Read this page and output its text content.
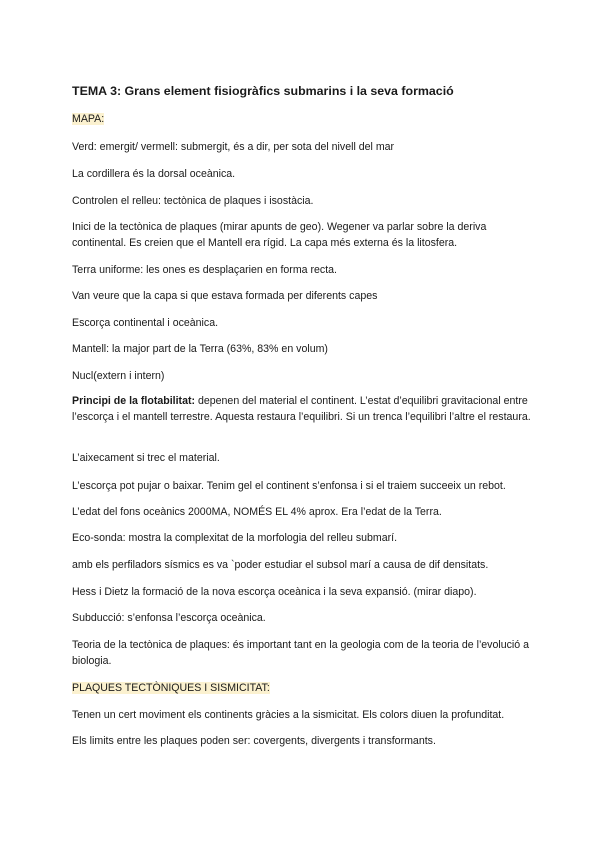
TEMA 3: Grans element fisiogràfics submarins i la seva formació
MAPA:
Verd: emergit/ vermell: submergit, és a dir, per sota del nivell del mar
La cordillera és la dorsal oceànica.
Controlen el relleu: tectònica de plaques i isostàcia.
Inici de la tectònica de plaques (mirar apunts de geo). Wegener va parlar sobre la deriva continental. Es creien que el Mantell era rígid. La capa més externa és la litosfera.
Terra uniforme: les ones es desplaçarien en forma recta.
Van veure que la capa si que estava formada per diferents capes
Escorça continental i oceànica.
Mantell: la major part de la Terra (63%, 83% en volum)
Nucl(extern i intern)
Principi de la flotabilitat: depenen del material el continent. L’estat d’equilibri gravitacional entre l’escorça i el mantell terrestre. Aquesta restaura l’equilibri. Si un trenca l’equilibri l’altre el restaura.
L’aixecament si trec el material.
L’escorça pot pujar o baixar. Tenim gel el continent s’enfonsa i si el traiem succeeix un rebot.
L’edat del fons oceànics 2000MA, NOMÉS EL 4% aprox. Era l’edat de la Terra.
Eco-sonda: mostra la complexitat de la morfologia del relleu submarí.
amb els perfiladors sísmics es va `poder estudiar el subsol marí a causa de dif densitats.
Hess i Dietz la formació de la nova escorça oceànica i la seva expansió. (mirar diapo).
Subducció: s’enfonsa l’escorça oceànica.
Teoria de la tectònica de plaques: és important tant en la geologia com de la teoria de l’evolució a biologia.
PLAQUES TECTÒNIQUES I SISMICITAT:
Tenen un cert moviment els continents gràcies a la sismicitat. Els colors diuen la profunditat.
Els limits entre les plaques poden ser: covergents, divergents i transformants.
